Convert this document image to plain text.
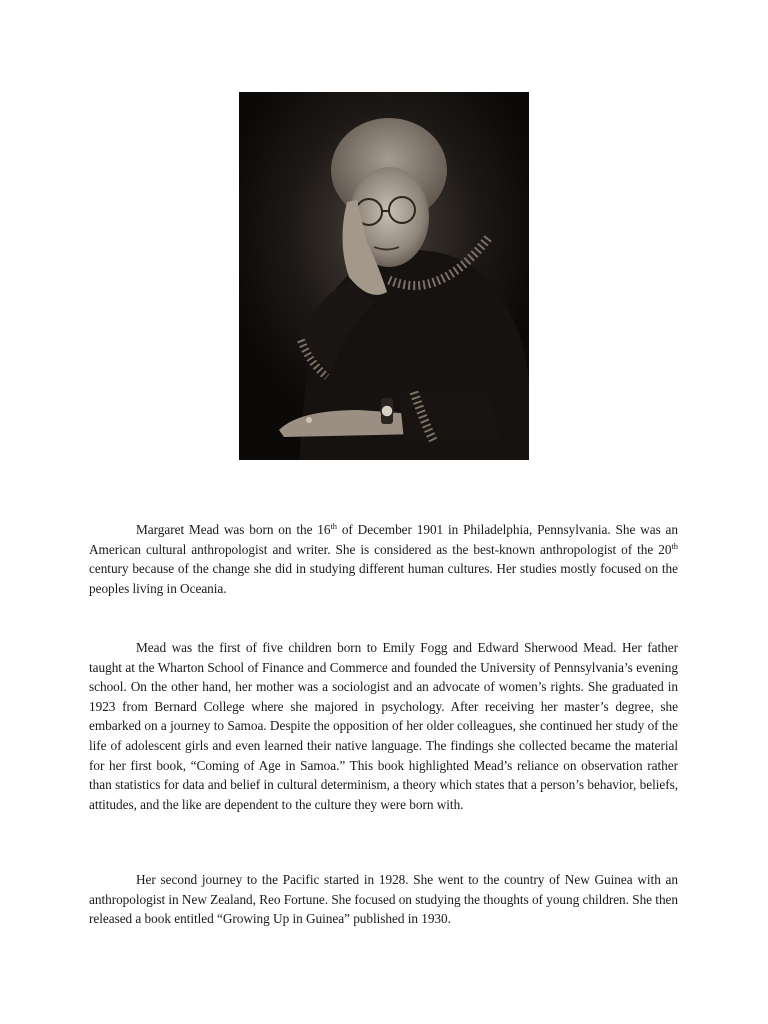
Margaret Mead was born on the 16th of December 1901 in Philadelphia, Pennsylvania. She was an American cultural anthropologist and writer. She is considered as the best-known anthropologist of the 20th century because of the change she did in studying different human cultures. Her studies mostly focused on the peoples living in Oceania.

Mead was the first of five children born to Emily Fogg and Edward Sherwood Mead. Her father taught at the Wharton School of Finance and Commerce and founded the University of Pennsylvania’s evening school. On the other hand, her mother was a sociologist and an advocate of women’s rights. She graduated in 1923 from Bernard College where she majored in psychology. After receiving her master’s degree, she embarked on a journey to Samoa. Despite the opposition of her older colleagues, she continued her study of the life of adolescent girls and even learned their native language. The findings she collected became the material for her first book, “Coming of Age in Samoa.” This book highlighted Mead’s reliance on observation rather than statistics for data and belief in cultural determinism, a theory which states that a person’s behavior, beliefs, attitudes, and the like are dependent to the culture they were born with.

Her second journey to the Pacific started in 1928. She went to the country of New Guinea with an anthropologist in New Zealand, Reo Fortune. She focused on studying the thoughts of young children. She then released a book entitled “Growing Up in Guinea” published in 1930.
